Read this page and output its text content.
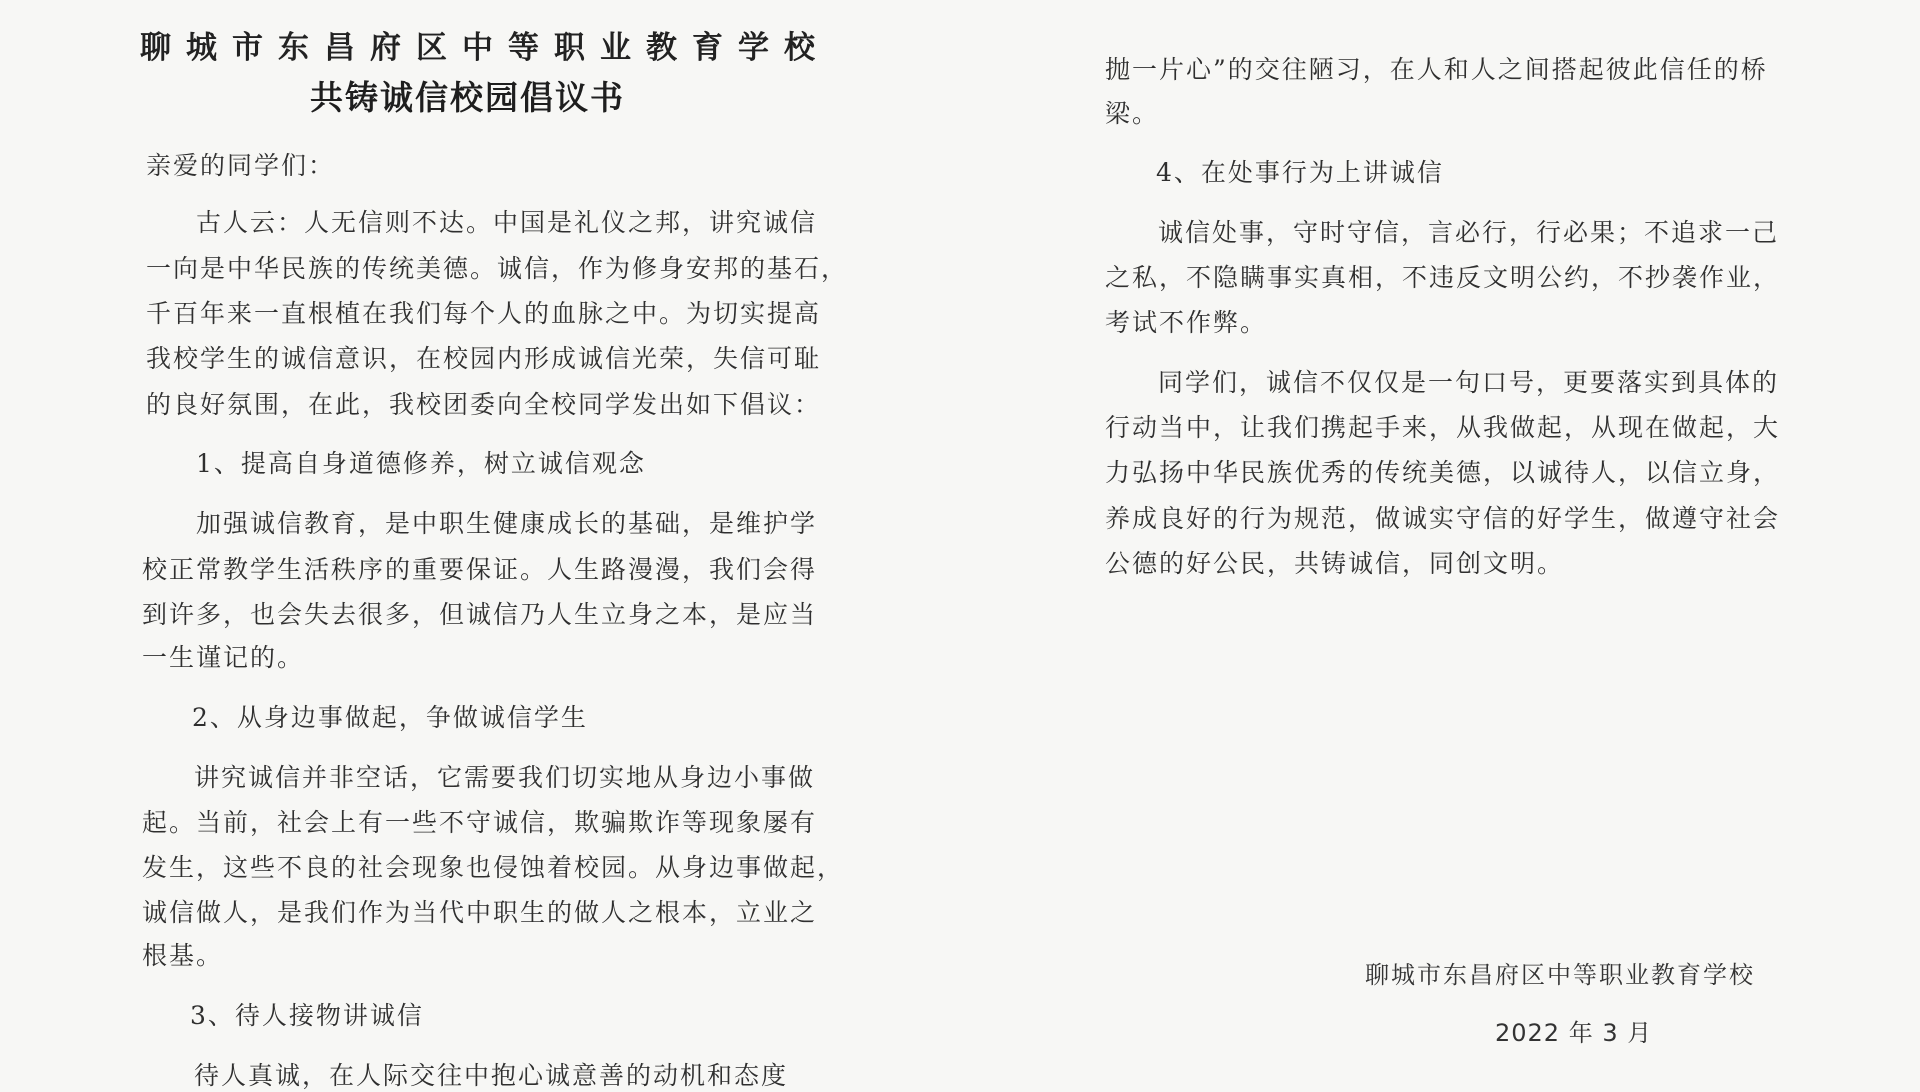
聊城市东昌府区中等职业教育学校
共铸诚信校园倡议书
亲爱的同学们：
古人云：人无信则不达。中国是礼仪之邦，讲究诚信
一向是中华民族的传统美德。诚信，作为修身安邦的基石，
千百年来一直根植在我们每个人的血脉之中。为切实提高
我校学生的诚信意识，在校园内形成诚信光荣，失信可耻
的良好氛围，在此，我校团委向全校同学发出如下倡议：
1、提高自身道德修养，树立诚信观念
加强诚信教育，是中职生健康成长的基础，是维护学
校正常教学生活秩序的重要保证。人生路漫漫，我们会得
到许多，也会失去很多，但诚信乃人生立身之本，是应当
一生谨记的。
2、从身边事做起，争做诚信学生
讲究诚信并非空话，它需要我们切实地从身边小事做
起。当前，社会上有一些不守诚信，欺骗欺诈等现象屡有
发生，这些不良的社会现象也侵蚀着校园。从身边事做起，
诚信做人，是我们作为当代中职生的做人之根本，立业之
根基。
3、待人接物讲诚信
待人真诚，在人际交往中抱心诚意善的动机和态度
抛一片心”的交往陋习，在人和人之间搭起彼此信任的桥
梁。
4、在处事行为上讲诚信
诚信处事，守时守信，言必行，行必果；不追求一己
之私，不隐瞒事实真相，不违反文明公约，不抄袭作业，
考试不作弊。
同学们，诚信不仅仅是一句口号，更要落实到具体的
行动当中，让我们携起手来，从我做起，从现在做起，大
力弘扬中华民族优秀的传统美德，以诚待人，以信立身，
养成良好的行为规范，做诚实守信的好学生，做遵守社会
公德的好公民，共铸诚信，同创文明。
聊城市东昌府区中等职业教育学校
2022 年 3 月
